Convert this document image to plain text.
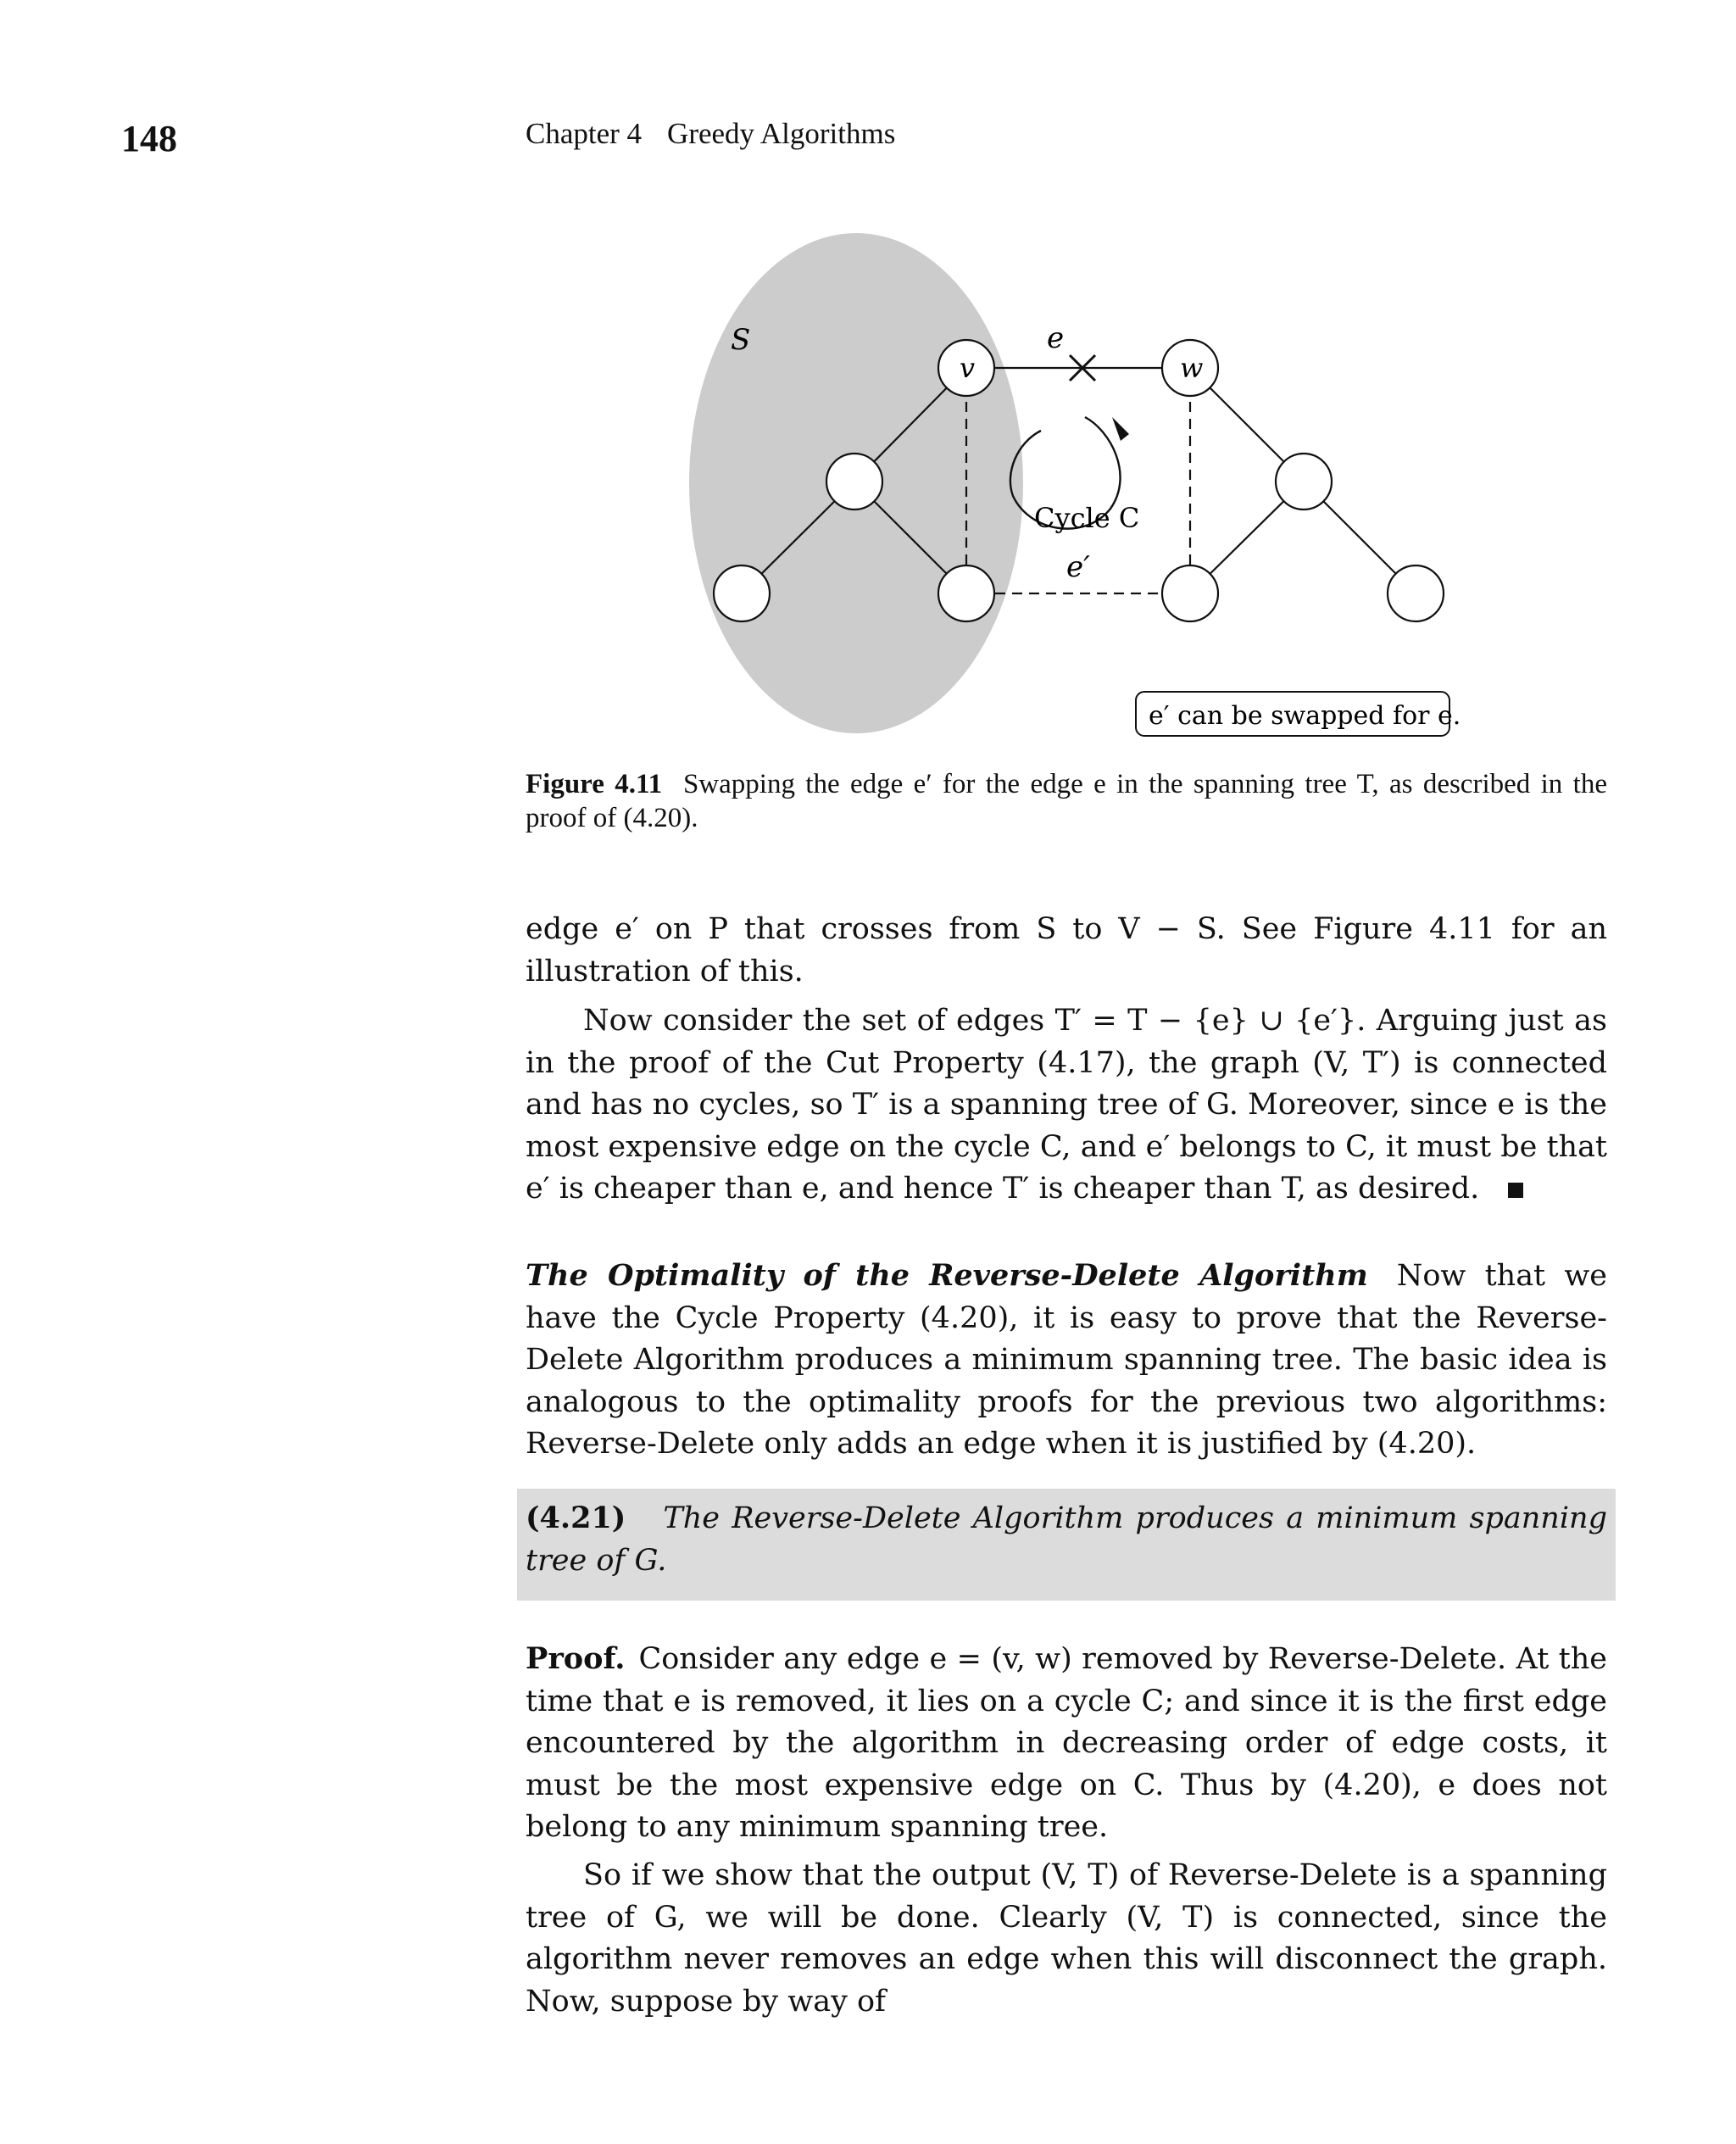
148	Chapter 4 Greedy Algorithms
S	e
Cycle C
e′
v	w
e′ can be swapped for e.

Figure 4.11 Swapping the edge e′ for the edge e in the spanning tree T, as described in the proof of (4.20).

edge e′ on P that crosses from S to V − S. See Figure 4.11 for an illustration of this.

Now consider the set of edges T′ = T − {e} ∪ {e′}. Arguing just as in the proof of the Cut Property (4.17), the graph (V, T′) is connected and has no cycles, so T′ is a spanning tree of G. Moreover, since e is the most expensive edge on the cycle C, and e′ belongs to C, it must be that e′ is cheaper than e, and hence T′ is cheaper than T, as desired.

The Optimality of the Reverse-Delete Algorithm Now that we have the Cycle Property (4.20), it is easy to prove that the Reverse-Delete Algorithm produces a minimum spanning tree. The basic idea is analogous to the optimality proofs for the previous two algorithms: Reverse-Delete only adds an edge when it is justified by (4.20).

(4.21) The Reverse-Delete Algorithm produces a minimum spanning tree of G.

Proof. Consider any edge e = (v, w) removed by Reverse-Delete. At the time that e is removed, it lies on a cycle C; and since it is the first edge encountered by the algorithm in decreasing order of edge costs, it must be the most expensive edge on C. Thus by (4.20), e does not belong to any minimum spanning tree.

So if we show that the output (V, T) of Reverse-Delete is a spanning tree of G, we will be done. Clearly (V, T) is connected, since the algorithm never removes an edge when this will disconnect the graph. Now, suppose by way of
